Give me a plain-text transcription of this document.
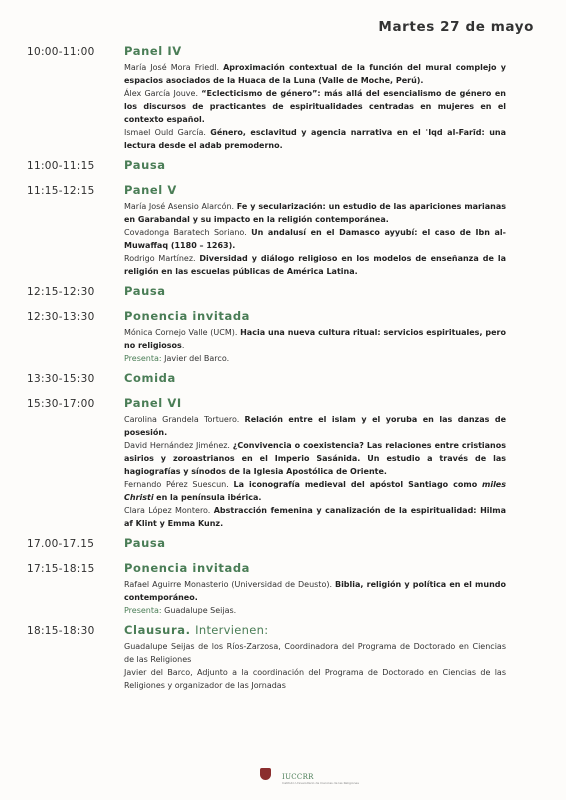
Martes 27 de mayo
10:00-11:00	Panel IV
María José Mora Friedl. Aproximación contextual de la función del mural complejo y espacios asociados de la Huaca de la Luna (Valle de Moche, Perú).
Álex García Jouve. “Eclecticismo de género”: más allá del esencialismo de género en los discursos de practicantes de espiritualidades centradas en mujeres en el contexto español.
Ismael Ould García. Género, esclavitud y agencia narrativa en el ʿIqd al-Farīd: una lectura desde el adab premoderno.
11:00-11:15	Pausa
11:15-12:15	Panel V
María José Asensio Alarcón. Fe y secularización: un estudio de las apariciones marianas en Garabandal y su impacto en la religión contemporánea.
Covadonga Baratech Soriano. Un andalusí en el Damasco ayyubí: el caso de Ibn al-Muwaffaq (1180 – 1263).
Rodrigo Martínez. Diversidad y diálogo religioso en los modelos de enseñanza de la religión en las escuelas públicas de América Latina.
12:15-12:30	Pausa
12:30-13:30	Ponencia invitada
Mónica Cornejo Valle (UCM). Hacia una nueva cultura ritual: servicios espirituales, pero no religiosos.
Presenta: Javier del Barco.
13:30-15:30	Comida
15:30-17:00	Panel VI
Carolina Grandela Tortuero. Relación entre el islam y el yoruba en las danzas de posesión.
David Hernández Jiménez. ¿Convivencia o coexistencia? Las relaciones entre cristianos asirios y zoroastrianos en el Imperio Sasánida. Un estudio a través de las hagiografías y sínodos de la Iglesia Apostólica de Oriente.
Fernando Pérez Suescun. La iconografía medieval del apóstol Santiago como miles Christi en la península ibérica.
Clara López Montero. Abstracción femenina y canalización de la espiritualidad: Hilma af Klint y Emma Kunz.
17.00-17.15	Pausa
17:15-18:15	Ponencia invitada
Rafael Aguirre Monasterio (Universidad de Deusto). Biblia, religión y política en el mundo contemporáneo.
Presenta: Guadalupe Seijas.
18:15-18:30	Clausura. Intervienen:
Guadalupe Seijas de los Ríos-Zarzosa, Coordinadora del Programa de Doctorado en Ciencias de las Religiones
Javier del Barco, Adjunto a la coordinación del Programa de Doctorado en Ciencias de las Religiones y organizador de las Jornadas
IUCCRR
Instituto Universitario de Ciencias de las Religiones
